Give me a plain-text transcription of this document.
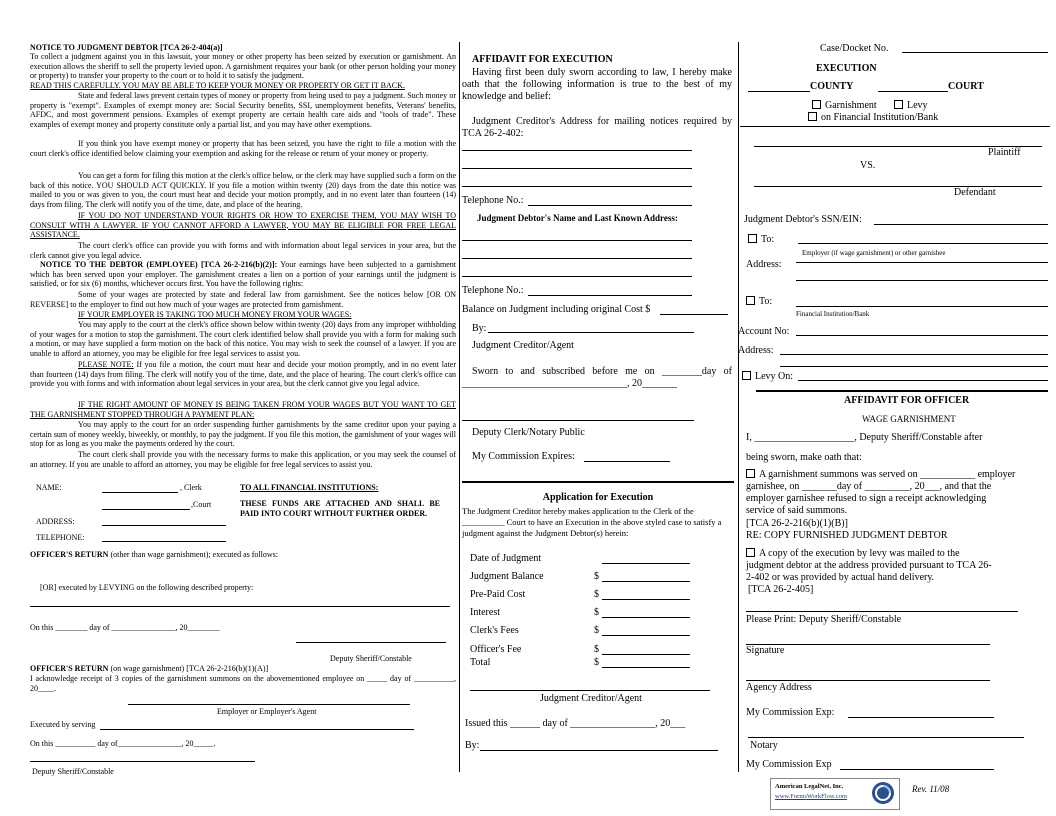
NOTICE TO JUDGMENT DEBTOR [TCA 26-2-404(a)]
To collect a judgment against you in this lawsuit, your money or other property has been seized by execution or garnishment. An execution allows the sheriff to sell the property levied upon. A garnishment requires your bank (or other person holding your money or property) to transfer your property to the court or to hold it to satisfy the judgment.
READ THIS CAREFULLY. YOU MAY BE ABLE TO KEEP YOUR MONEY OR PROPERTY OR GET IT BACK.
State and federal laws prevent certain types of money or property from being used to pay a judgment. Such money or property is "exempt". Examples of exempt money are: Social Security benefits, SSI, unemployment benefits, Veterans' benefits, AFDC, and most government pensions. Examples of exempt property are certain health care aids and "tools of trade". These examples of exempt money and property constitute only a partial list, and you may have other exemptions.
If you think you have exempt money or property that has been seized, you have the right to file a motion with the court clerk's office identified below claiming your exemption and asking for the release or return of your money or property.
You can get a form for filing this motion at the clerk's office below, or the clerk may have supplied such a form on the back of this notice. YOU SHOULD ACT QUICKLY. If you file a motion within twenty (20) days from the date this notice was mailed to you or was given to you, the court must hear and decide your motion promptly, and in no event later than fourteen (14) days from filing. The clerk will notify you of the time, date, and place of the hearing.
IF YOU DO NOT UNDERSTAND YOUR RIGHTS OR HOW TO EXERCISE THEM, YOU MAY WISH TO CONSULT WITH A LAWYER. IF YOU CANNOT AFFORD A LAWYER, YOU MAY BE ELIGIBLE FOR FREE LEGAL ASSISTANCE.
The court clerk's office can provide you with forms and with information about legal services in your area, but the clerk cannot give you legal advice.
NOTICE TO THE DEBTOR (EMPLOYEE) [TCA 26-2-216(b)(2)]: Your earnings have been subjected to a garnishment which has been served upon your employer. The garnishment creates a lien on a portion of your earnings until the judgment is satisfied, or for six (6) months, whichever occurs first. You have the following rights:
Some of your wages are protected by state and federal law from garnishment. See the notices below [OR ON REVERSE] to the employer to find out how much of your wages are protected from garnishment.
IF YOUR EMPLOYER IS TAKING TOO MUCH MONEY FROM YOUR WAGES:
You may apply to the court at the clerk's office shown below within twenty (20) days from any improper withholding of your wages for a motion to stop the garnishment. The court clerk identified below shall provide you with a form for making such a motion, or may have supplied a form motion on the back of this notice. You may wish to seek the counsel of a lawyer. If you are unable to afford an attorney, you may be eligible for free legal services to assist you.
PLEASE NOTE: If you file a motion, the court must hear and decide your motion promptly, and in no event later than fourteen (14) days from filing. The clerk will notify you of the time, date, and the place of hearing. The court clerk's office can provide you with forms and with information about legal services in your area, but the clerk cannot give you legal advice.
IF THE RIGHT AMOUNT OF MONEY IS BEING TAKEN FROM YOUR WAGES BUT YOU WANT TO GET THE GARNISHMENT STOPPED THROUGH A PAYMENT PLAN:
You may apply to the court for an order suspending further garnishments by the same creditor upon your paying a certain sum of money weekly, biweekly, or monthly, to pay the judgment. If you file this motion, the garnishment of your wages will stop for as long as you make the payments ordered by the court.
The court clerk shall provide you with the necessary forms to make this application, or you may seek the counsel of an attorney. If you are unable to afford an attorney, you may be eligible for free legal services to assist you.
NAME:	, Clerk
,Court
ADDRESS:
TELEPHONE:
TO ALL FINANCIAL INSTITUTIONS:
THESE FUNDS ARE ATTACHED AND SHALL BE PAID INTO COURT WITHOUT FURTHER ORDER.
OFFICER'S RETURN (other than wage garnishment); executed as follows:
[OR] executed by LEVYING on the following described property:
On this ________ day of ________________, 20________
Deputy Sheriff/Constable
OFFICER'S RETURN (on wage garnishment) [TCA 26-2-216(b)(1)(A)]
I acknowledge receipt of 3 copies of the garnishment summons on the abovementioned employee on _____ day of __________, 20____.
Employer or Employer's Agent
Executed by serving
On this __________ day of________________, 20_____.
Deputy Sheriff/Constable
AFFIDAVIT FOR EXECUTION
Having first been duly sworn according to law, I hereby make oath that the following information is true to the best of my knowledge and belief:
Judgment Creditor's Address for mailing notices required by TCA 26-2-402:
Telephone No.:
Judgment Debtor's Name and Last Known Address:
Telephone No.:
Balance on Judgment including original Cost $
By:
Judgment Creditor/Agent
Sworn to and subscribed before me on ________day of _________________________________, 20_______
Deputy Clerk/Notary Public
My Commission Expires:
Application for Execution
The Judgment Creditor hereby makes application to the Clerk of the __________ Court to have an Execution in the above styled case to satisfy a judgment against the Judgment Debtor(s) herein:
Judgment Creditor/Agent
Issued this ______ day of _________________, 20___
By:
Case/Docket No.
EXECUTION
COUNTY	COURT
Garnishment	Levy
on Financial Institution/Bank
Plaintiff
VS.
Defendant
Judgment Debtor's SSN/EIN:
To:
Employer (if wage garnishment) or other garnishee
Address:
To:
Financial Institution/Bank
Account No:
Address:
Levy On:
AFFIDAVIT FOR OFFICER
WAGE GARNISHMENT
I, ____________________, Deputy Sheriff/Constable after
being sworn, make oath that:
A garnishment summons was served on ___________ employer garnishee, on _______day of _________, 20___, and that the employer garnishee refused to sign a receipt acknowledging service of said summons.
[TCA 26-2-216(b)(1)(B)]
RE: COPY FURNISHED JUDGMENT DEBTOR
A copy of the execution by levy was mailed to the judgment debtor at the address provided pursuant to TCA 26-2-402 or was provided by actual hand delivery.
[TCA 26-2-405]
Please Print: Deputy Sheriff/Constable
Signature
Agency Address
My Commission Exp:
Notary
My Commission Exp
American LegalNet, Inc.
www.FormsWorkFlow.com
Rev. 11/08
Date of Judgment
Judgment Balance	$
Pre-Paid Cost	$
Interest	$
Clerk's Fees	$
Officer's Fee	$
Total	$
